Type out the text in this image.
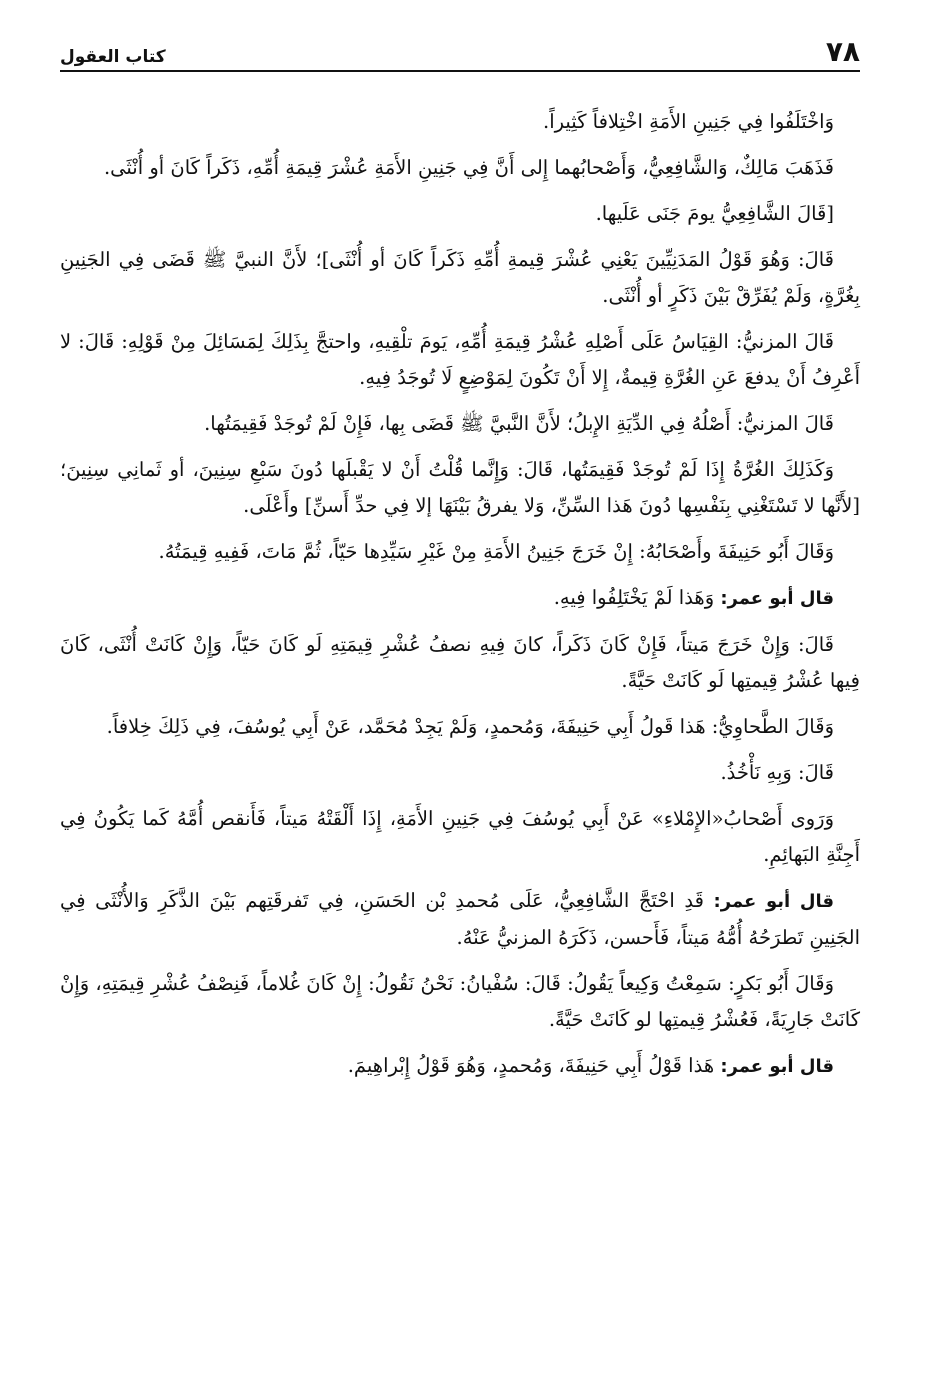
٧٨
كتاب العقول

وَاخْتَلَفُوا فِي جَنِينِ الأَمَةِ اخْتِلافاً كَثِيراً.

فَذَهَبَ مَالِكٌ، وَالشَّافِعِيُّ، وَأَصْحابُهما إِلى أَنَّ فِي جَنِينِ الأَمَةِ عُشْرَ قِيمَةِ أُمِّهِ، ذَكَراً كَانَ أو أُنْثَى.

[قَالَ الشَّافِعِيُّ يومَ جَنَى عَلَيها.

قَالَ: وَهُوَ قَوْلُ المَدَنِيِّينَ يَعْنِي عُشْرَ قِيمةِ أُمِّهِ ذَكَراً كَانَ أو أُنْثَى]؛ لأَنَّ النبيَّ ﷺ قَضَى فِي الجَنِينِ بِغُرَّةٍ، وَلَمْ يُفَرِّقْ بَيْنَ ذَكَرٍ أو أُنْثَى.

قَالَ المزنيُّ: القِيَاسُ عَلَى أَصْلِهِ عُشْرُ قِيمَةِ أُمِّهِ، يَومَ تلْقِيهِ، واحتجَّ بِذَلِكَ لِمَسَائِلَ مِنْ قَوْلِهِ: قَالَ: لا أَعْرِفُ أَنْ يدفعَ عَنِ الغُرَّةِ قِيمةٌ، إِلا أَنْ تَكُونَ لِمَوْضِعٍ لَا تُوجَدُ فِيهِ.

قَالَ المزنيُّ: أَصْلُهُ فِي الدِّيَةِ الإِبلُ؛ لأَنَّ النَّبيَّ ﷺ قَضَى بِها، فَإِنْ لَمْ تُوجَدْ فَقِيمَتُها.

وَكَذَلِكَ الغُرَّةُ إِذَا لَمْ تُوجَدْ فَقِيمَتُها، قَالَ: وَإِنَّما قُلْتُ أَنْ لا يَقْبلَها دُونَ سَبْعِ سِنِينَ، أو ثَمانِي سِنِينَ؛[لأَنَّها لا تَسْتَغْنِي بِنَفْسِها دُونَ هَذا السِّنِّ، وَلا يفرقُ بَيْنَهَا إلا فِي حدِّ أَسنِّ] وأَعْلَى.

وَقَالَ أَبُو حَنِيفَةَ وأَصْحَابُهُ: إِنْ خَرَجَ جَنِينُ الأَمَةِ مِنْ غَيْرِ سَيِّدِها حَيّاً، ثُمَّ مَاتَ، فَفِيهِ قِيمَتُهُ.

قال أبو عمر: وَهَذا لَمْ يَخْتَلِفُوا فِيهِ.

قَالَ: وَإِنْ خَرَجَ مَيتاً، فَإِنْ كَانَ ذَكَراً، كانَ فِيهِ نصفُ عُشْرِ قِيمَتِهِ لَو كَانَ حَيّاً، وَإِنْ كَانَتْ أُنْثَى، كَانَ فِيها عُشْرُ قِيمتِها لَو كَانَتْ حَيَّةً.

وَقَالَ الطَّحاوِيُّ: هَذا قَولُ أَبِي حَنِيفَةَ، وَمُحمدٍ، وَلَمْ يَجِدْ مُحَمَّد، عَنْ أَبِي يُوسُفَ، فِي ذَلِكَ خِلافاً.

قَالَ: وَبِهِ نَأْخُذُ.

وَرَوى أَصْحابُ«الإِمْلاءِ» عَنْ أَبِي يُوسُفَ فِي جَنِينِ الأَمَةِ، إِذَا أَلْقَتْهُ مَيتاً، فَأَنقص أُمَّهُ كَما يَكُونُ فِي أَجِنَّةِ البَهائِمِ.

قال أبو عمر: قَدِ احْتَجَّ الشَّافِعِيُّ، عَلَى مُحمدِ بْن الحَسَنِ، فِي تَفرقَتِهم بَيْنَ الذَّكَرِ وَالأُنْثَى فِي الجَنِينِ تَطرَحُهُ أُمُّهُ مَيتاً، فَأَحسن، ذَكَرَهُ المزنيُّ عَنْهُ.

وَقَالَ أَبُو بَكرٍ: سَمِعْتُ وَكِيعاً يَقُولُ: قَالَ: سُفْيانُ: نَحْنُ نَقُولُ: إِنْ كَانَ غُلاماً، فَنِصْفُ عُشْرِ قِيمَتِهِ، وَإِنْ كَانَتْ جَارِيَةً، فَعُشْرُ قِيمتِها لو كَانَتْ حَيَّةً.

قال أبو عمر: هَذا قَوْلُ أَبِي حَنِيفَةَ، وَمُحمدٍ، وَهُوَ قَوْلُ إِبْراهِيمَ.
